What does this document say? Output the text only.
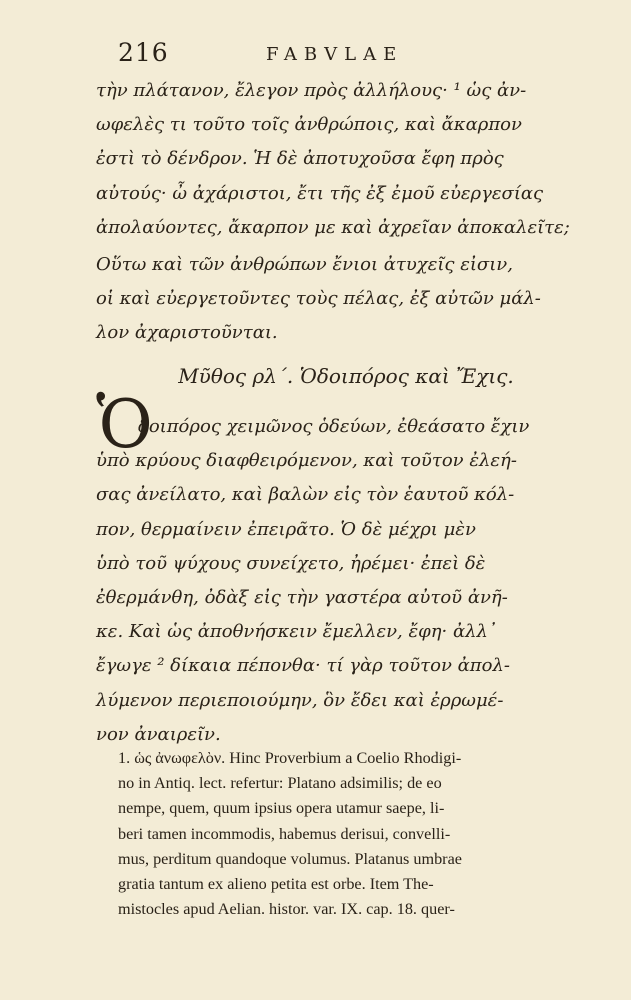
216	FABVLAE

τὴν πλάτανον, ἔλεγον πρὸς ἀλλήλους· ¹ ὡς ἀν-
ωφελὲς τι τοῦτο τοῖς ἀνθρώποις, καὶ ἄκαρπον
ἐστὶ τὸ δένδρον. Ἡ δὲ ἀποτυχοῦσα ἔφη πρὸς
αὐτούς· ὦ ἀχάριστοι, ἔτι τῆς ἐξ ἐμοῦ εὐεργεσίας
ἀπολαύοντες, ἄκαρπον με καὶ ἀχρεῖαν ἀποκαλεῖτε;

Οὕτω καὶ τῶν ἀνθρώπων ἔνιοι ἀτυχεῖς εἰσιν,
οἱ καὶ εὐεργετοῦντες τοὺς πέλας, ἐξ αὐτῶν μάλ-
λον ἀχαριστοῦνται.

Μῦθος ρλ΄. Ὁδοιπόρος καὶ Ἔχις.
Ὁ

δοιπόρος χειμῶνος ὁδεύων, ἐθεάσατο ἔχιν
ὑπὸ κρύους διαφθειρόμενον, καὶ τοῦτον ἐλεή-
σας ἀνείλατο, καὶ βαλὼν εἰς τὸν ἑαυτοῦ κόλ-
πον, θερμαίνειν ἐπειρᾶτο. Ὁ δὲ μέχρι μὲν
ὑπὸ τοῦ ψύχους συνείχετο, ἠρέμει· ἐπεὶ δὲ
ἐθερμάνθη, ὀδὰξ εἰς τὴν γαστέρα αὐτοῦ ἀνῆ-
κε. Καὶ ὡς ἀποθνήσκειν ἔμελλεν, ἔφη· ἀλλ᾽
ἔγωγε ² δίκαια πέπονθα· τί γὰρ τοῦτον ἀπολ-
λύμενον περιεποιούμην, ὃν ἔδει καὶ ἐρρωμέ-
νον ἀναιρεῖν.

1. ὡς ἀνωφελὸν. Hinc Proverbium a Coelio Rhodigi-
no in Antiq. lect. refertur: Platano adsimilis; de eo
nempe, quem, quum ipsius opera utamur saepe, li-
beri tamen incommodis, habemus derisui, convelli-
mus, perditum quandoque volumus. Platanus umbrae
gratia tantum ex alieno petita est orbe. Item The-
mistocles apud Aelian. histor. var. IX. cap. 18. quer-
